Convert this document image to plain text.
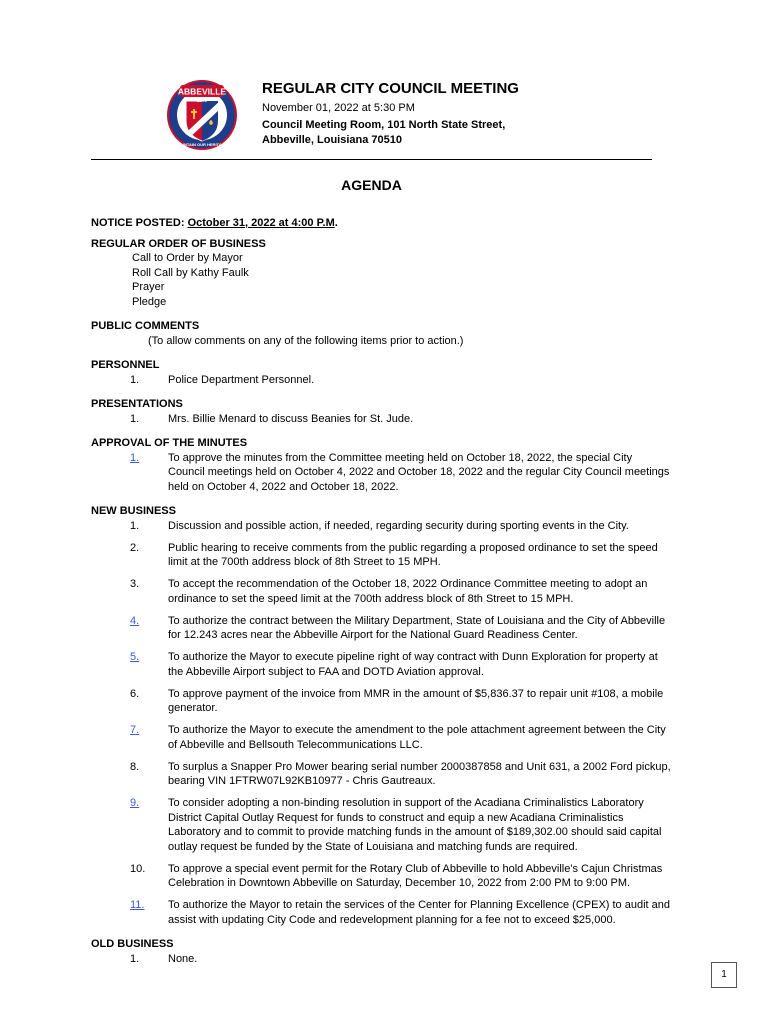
ABBEVILLE
1850
MAINTAIN OUR HERITAGE
REGULAR CITY COUNCIL MEETING
November 01, 2022 at 5:30 PM
Council Meeting Room, 101 North State Street,
Abbeville, Louisiana 70510
AGENDA
NOTICE POSTED: October 31, 2022 at 4:00 P.M.
REGULAR ORDER OF BUSINESS
Call to Order by Mayor
Roll Call by Kathy Faulk
Prayer
Pledge
PUBLIC COMMENTS
(To allow comments on any of the following items prior to action.)
PERSONNEL
1.	Police Department Personnel.
PRESENTATIONS
1.	Mrs. Billie Menard to discuss Beanies for St. Jude.
APPROVAL OF THE MINUTES
1.	To approve the minutes from the Committee meeting held on October 18, 2022, the special City Council meetings held on October 4, 2022 and October 18, 2022 and the regular City Council meetings held on October 4, 2022 and October 18, 2022.
NEW BUSINESS
1.	Discussion and possible action, if needed, regarding security during sporting events in the City.
2.	Public hearing to receive comments from the public regarding a proposed ordinance to set the speed limit at the 700th address block of 8th Street to 15 MPH.
3.	To accept the recommendation of the October 18, 2022 Ordinance Committee meeting to adopt an ordinance to set the speed limit at the 700th address block of 8th Street to 15 MPH.
4.	To authorize the contract between the Military Department, State of Louisiana and the City of Abbeville for 12.243 acres near the Abbeville Airport for the National Guard Readiness Center.
5.	To authorize the Mayor to execute pipeline right of way contract with Dunn Exploration for property at the Abbeville Airport subject to FAA and DOTD Aviation approval.
6.	To approve payment of the invoice from MMR in the amount of $5,836.37 to repair unit #108, a mobile generator.
7.	To authorize the Mayor to execute the amendment to the pole attachment agreement between the City of Abbeville and Bellsouth Telecommunications LLC.
8.	To surplus a Snapper Pro Mower bearing serial number 2000387858 and Unit 631, a 2002 Ford pickup, bearing VIN 1FTRW07L92KB10977 - Chris Gautreaux.
9.	To consider adopting a non-binding resolution in support of the Acadiana Criminalistics Laboratory District Capital Outlay Request for funds to construct and equip a new Acadiana Criminalistics Laboratory and to commit to provide matching funds in the amount of $189,302.00 should said capital outlay request be funded by the State of Louisiana and matching funds are required.
10.	To approve a special event permit for the Rotary Club of Abbeville to hold Abbeville's Cajun Christmas Celebration in Downtown Abbeville on Saturday, December 10, 2022 from 2:00 PM to 9:00 PM.
11.	To authorize the Mayor to retain the services of the Center for Planning Excellence (CPEX) to audit and assist with updating City Code and redevelopment planning for a fee not to exceed $25,000.
OLD BUSINESS
1.	None.
1
